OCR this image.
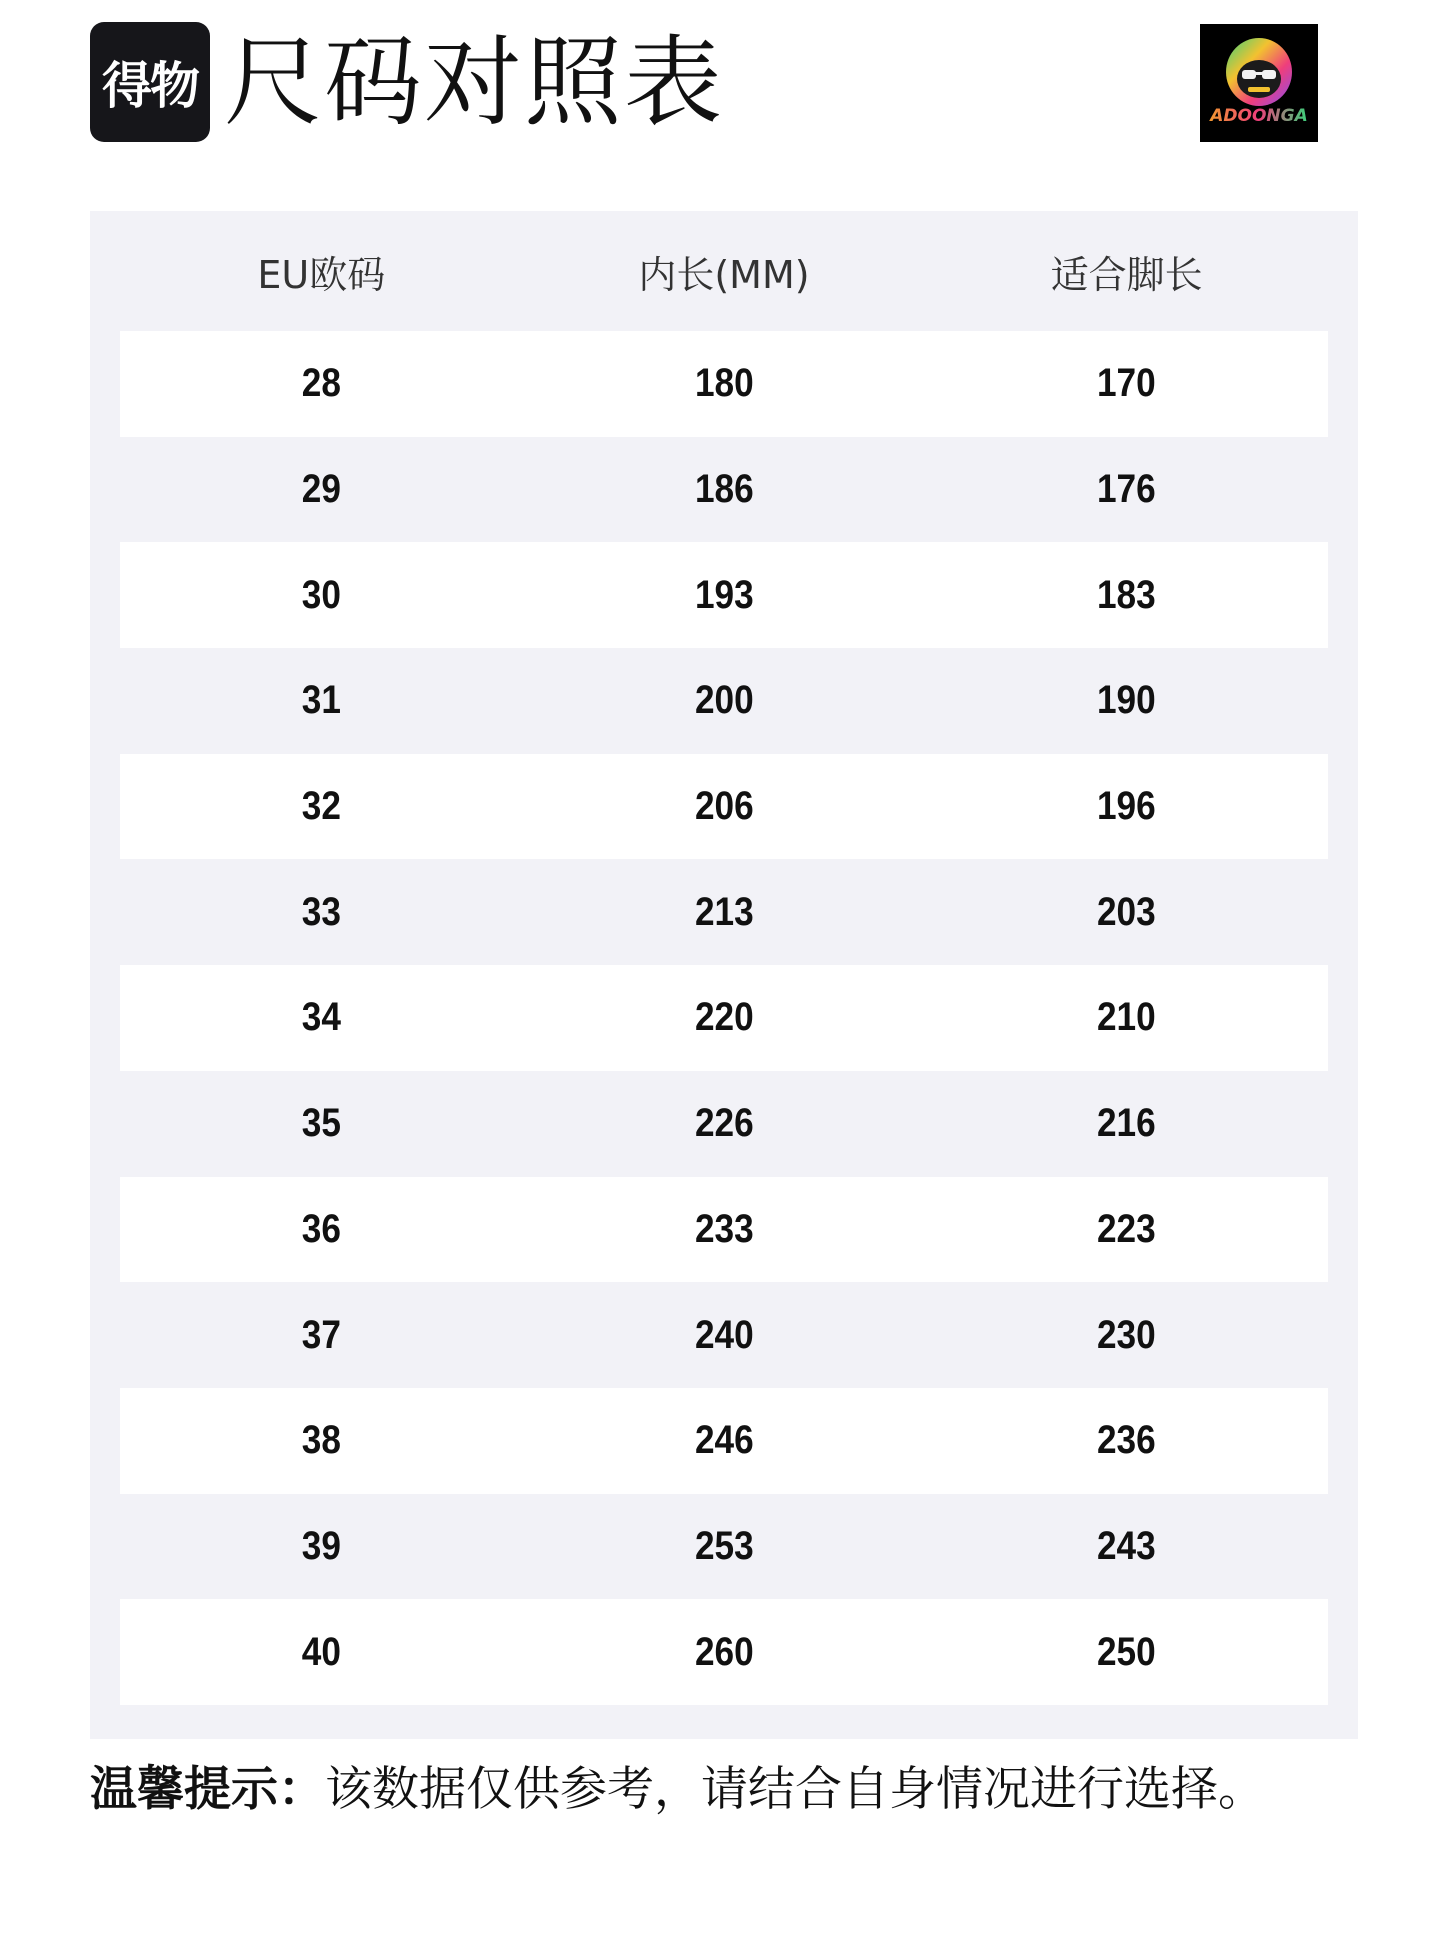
得物 尺码对照表	ADOONGA
EU欧码	内长(MM)	适合脚长
28	180	170
29	186	176
30	193	183
31	200	190
32	206	196
33	213	203
34	220	210
35	226	216
36	233	223
37	240	230
38	246	236
39	253	243
40	260	250
温馨提示：该数据仅供参考，请结合自身情况进行选择。
